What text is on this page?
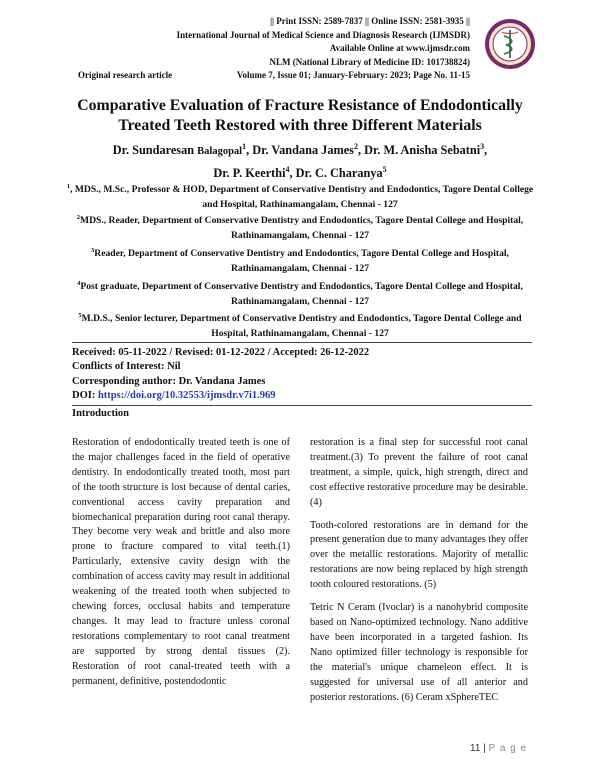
|| Print ISSN: 2589-7837 || Online ISSN: 2581-3935 ||
International Journal of Medical Science and Diagnosis Research (IJMSDR)
Available Online at www.ijmsdr.com
NLM (National Library of Medicine ID: 101738824)
Original research article	Volume 7, Issue 01; January-February: 2023; Page No. 11-15
Comparative Evaluation of Fracture Resistance of Endodontically
Treated Teeth Restored with three Different Materials
Dr. Sundaresan Balagopal$^1$, Dr. Vandana James$^2$, Dr. M. Anisha Sebatni$^3$,
Dr. P. Keerthi$^4$, Dr. C. Charanya$^5$
$^1$, MDS., M.Sc., Professor & HOD, Department of Conservative Dentistry and Endodontics, Tagore Dental College and Hospital, Rathinamangalam, Chennai - 127
$^2$MDS., Reader, Department of Conservative Dentistry and Endodontics, Tagore Dental College and Hospital, Rathinamangalam, Chennai - 127
$^3$Reader, Department of Conservative Dentistry and Endodontics, Tagore Dental College and Hospital, Rathinamangalam, Chennai - 127
$^4$Post graduate, Department of Conservative Dentistry and Endodontics, Tagore Dental College and Hospital, Rathinamangalam, Chennai - 127
$^5$M.D.S., Senior lecturer, Department of Conservative Dentistry and Endodontics, Tagore Dental College and Hospital, Rathinamangalam, Chennai - 127
Received: 05-11-2022 / Revised: 01-12-2022 / Accepted: 26-12-2022
Conflicts of Interest: Nil
Corresponding author: Dr. Vandana James
DOI: https://doi.org/10.32553/ijmsdr.v7i1.969
Introduction

Restoration of endodontically treated teeth is one of the major challenges faced in the field of operative dentistry. In endodontically treated tooth, most part of the tooth structure is lost because of dental caries, conventional access cavity preparation and biomechanical preparation during root canal therapy. They become very weak and brittle and also more prone to fracture compared to vital teeth.(1) Particularly, extensive cavity design with the combination of access cavity may result in additional weakening of the treated tooth when subjected to chewing forces, occlusal habits and temperature changes. It may lead to fracture unless coronal restorations complementary to root canal treatment are supported by strong dental tissues (2). Restoration of root canal-treated teeth with a permanent, definitive, postendodontic

restoration is a final step for successful root canal treatment.(3) To prevent the failure of root canal treatment, a simple, quick, high strength, direct and cost effective restorative procedure may be desirable. (4)

Tooth-colored restorations are in demand for the present generation due to many advantages they offer over the metallic restorations. Majority of metallic restorations are now being replaced by high strength tooth coloured restorations. (5)

Tetric N Ceram (Ivoclar) is a nanohybrid composite based on Nano-optimized technology. Nano additive have been incorporated in a targeted fashion. Its Nano optimized filler technology is responsible for the material's unique chameleon effect. It is suggested for universal use of all anterior and posterior restorations. (6) Ceram xSphereTEC

11 | P a g e
